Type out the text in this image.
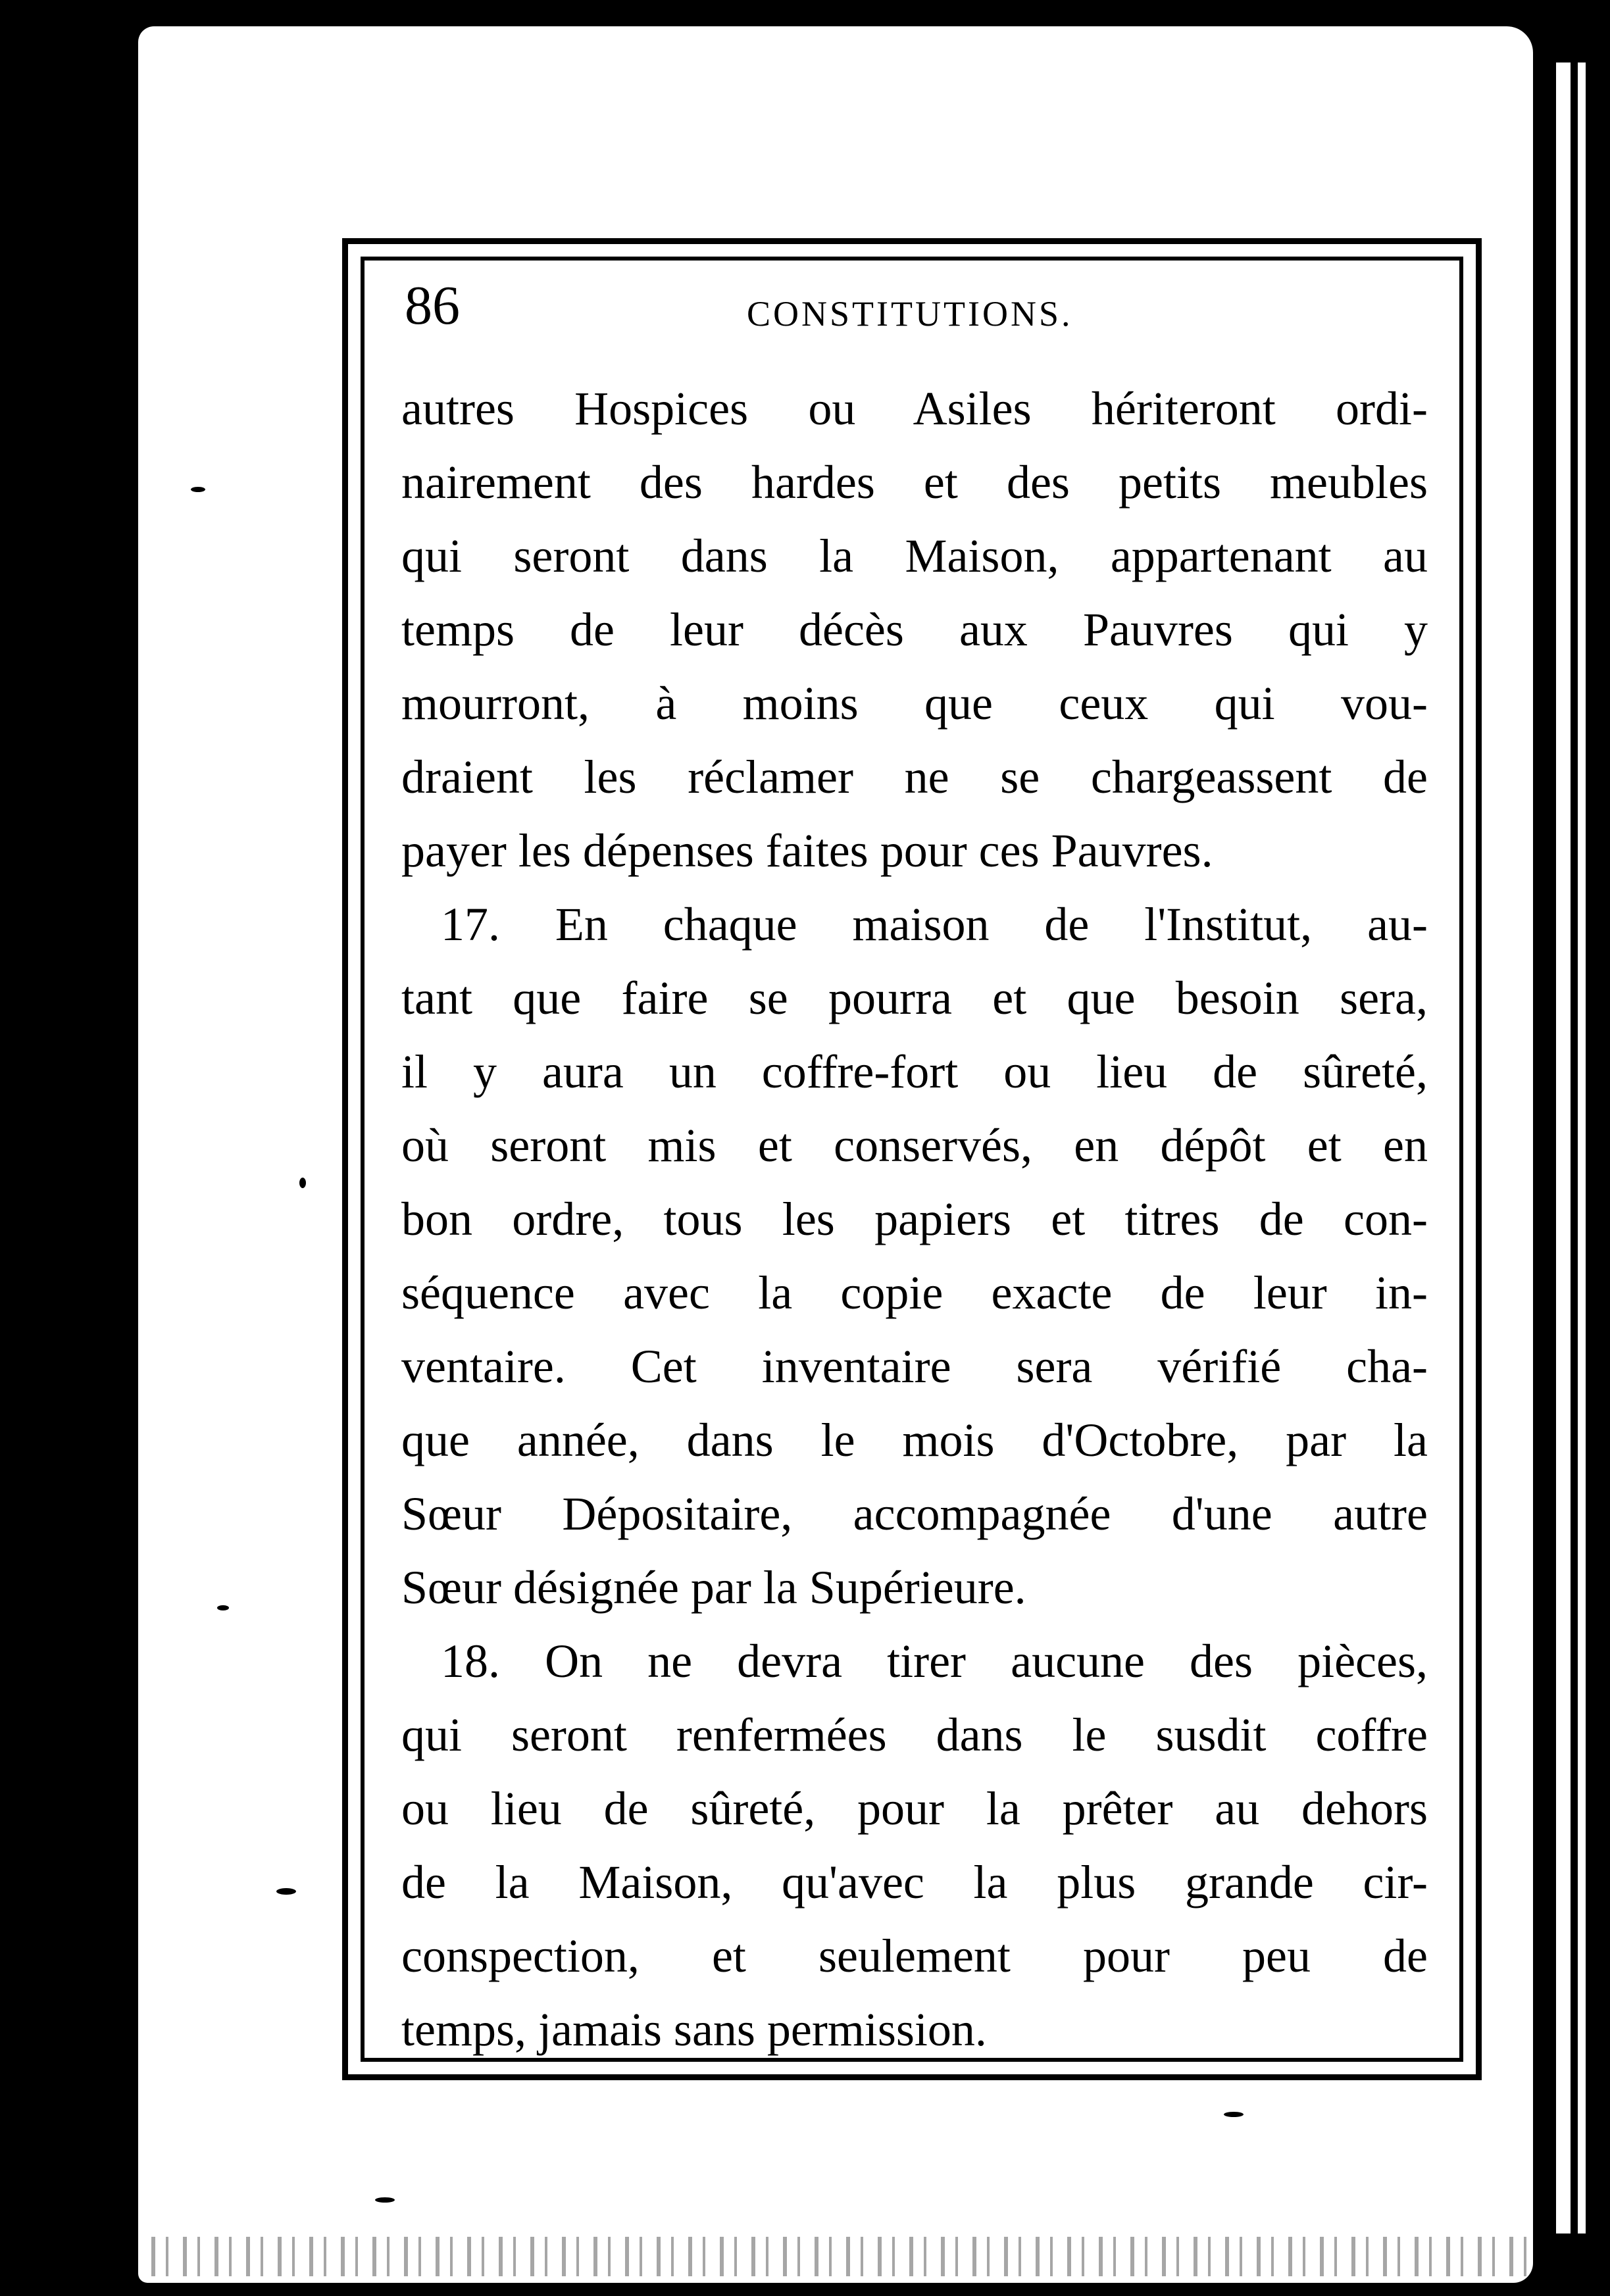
86	CONSTITUTIONS.
autres Hospices ou Asiles hériteront ordi-
nairement des hardes et des petits meubles
qui seront dans la Maison, appartenant au
temps de leur décès aux Pauvres qui y
mourront, à moins que ceux qui vou-
draient les réclamer ne se chargeassent de
payer les dépenses faites pour ces Pauvres.
17. En chaque maison de l'Institut, au-
tant que faire se pourra et que besoin sera,
il y aura un coffre-fort ou lieu de sûreté,
où seront mis et conservés, en dépôt et en
bon ordre, tous les papiers et titres de con-
séquence avec la copie exacte de leur in-
ventaire. Cet inventaire sera vérifié cha-
que année, dans le mois d'Octobre, par la
Sœur Dépositaire, accompagnée d'une autre
Sœur désignée par la Supérieure.
18. On ne devra tirer aucune des pièces,
qui seront renfermées dans le susdit coffre
ou lieu de sûreté, pour la prêter au dehors
de la Maison, qu'avec la plus grande cir-
conspection, et seulement pour peu de
temps, jamais sans permission.
